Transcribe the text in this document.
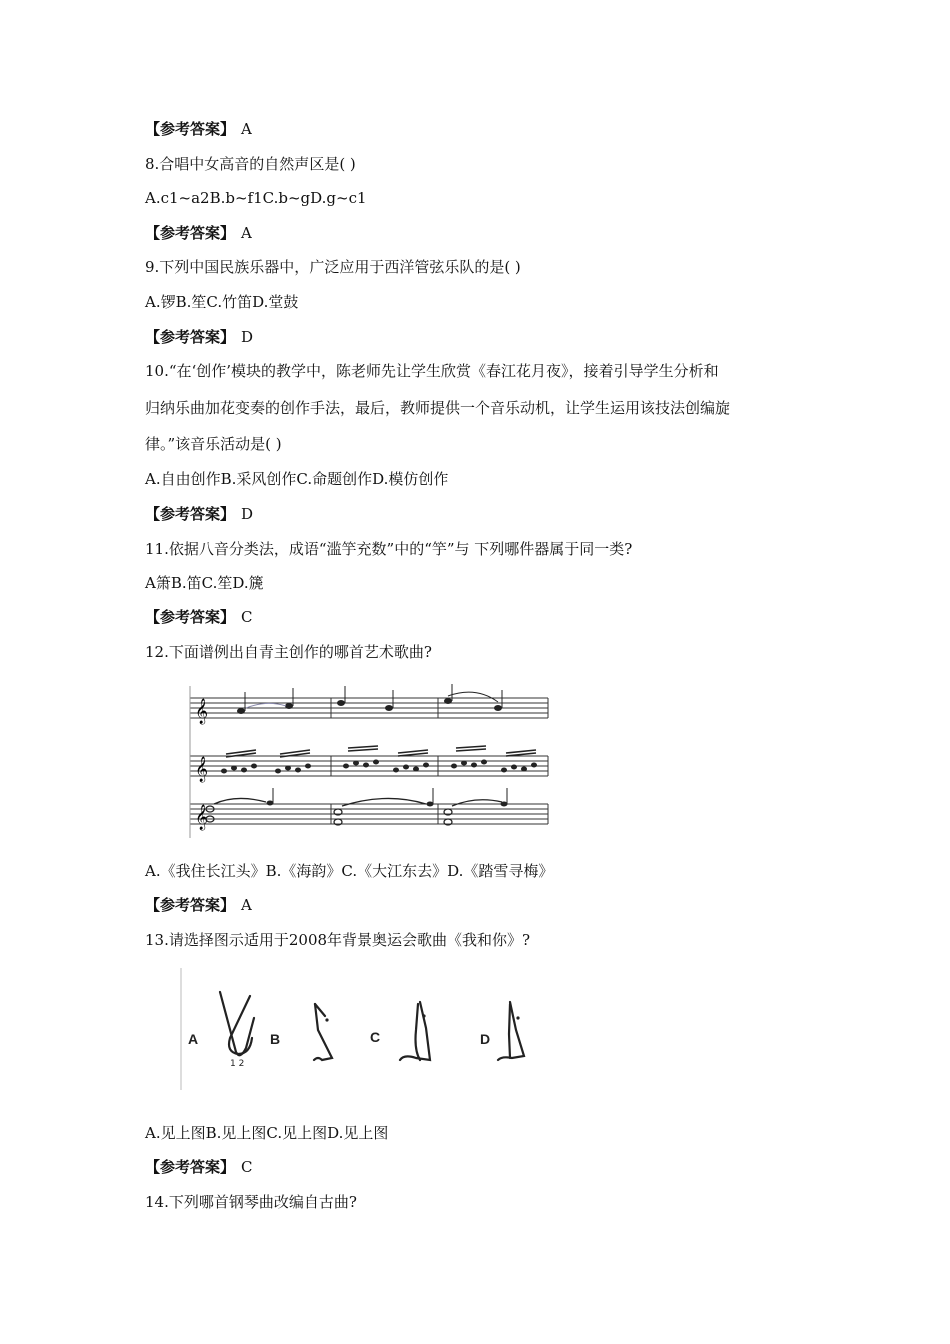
【参考答案】 A
8.合唱中女高音的自然声区是( )
A.c1~a2B.b~f1C.b~gD.g~c1
【参考答案】 A
9.下列中国民族乐器中，广泛应用于西洋管弦乐队的是( )
A.锣B.笙C.竹笛D.堂鼓
【参考答案】 D
10.“在‘创作’模块的教学中，陈老师先让学生欣赏《春江花月夜》，接着引导学生分析和
归纳乐曲加花变奏的创作手法，最后，教师提供一个音乐动机，让学生运用该技法创编旋
律。”该音乐活动是( )
A.自由创作B.采风创作C.命题创作D.模仿创作
【参考答案】 D
11.依据八音分类法，成语“滥竽充数”中的“竽”与 下列哪件器属于同一类?
A箫B.笛C.笙D.篪
【参考答案】 C
12.下面谱例出自青主创作的哪首艺术歌曲?
𝄞
𝄞
𝄞
A.《我住长江头》B.《海韵》C.《大江东去》D.《踏雪寻梅》
【参考答案】 A
13.请选择图示适用于2008年背景奥运会歌曲《我和你》?
A	B	C	D
1 2
A.见上图B.见上图C.见上图D.见上图
【参考答案】 C
14.下列哪首钢琴曲改编自古曲?
